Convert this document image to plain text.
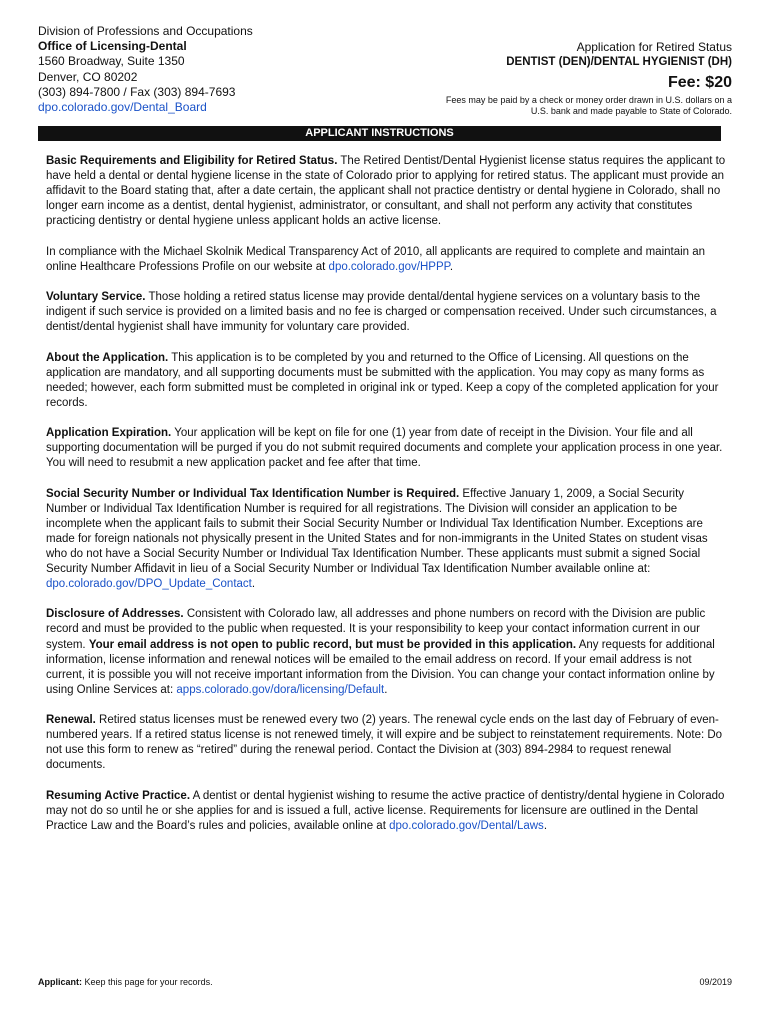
Division of Professions and Occupations
Office of Licensing-Dental
1560 Broadway, Suite 1350
Denver, CO 80202
(303) 894-7800 / Fax (303) 894-7693
dpo.colorado.gov/Dental_Board
Application for Retired Status
DENTIST (DEN)/DENTAL HYGIENIST (DH)
Fee: $20
Fees may be paid by a check or money order drawn in U.S. dollars on a
U.S. bank and made payable to State of Colorado.
APPLICANT INSTRUCTIONS

Basic Requirements and Eligibility for Retired Status. The Retired Dentist/Dental Hygienist license status requires the applicant to have held a dental or dental hygiene license in the state of Colorado prior to applying for retired status. The applicant must provide an affidavit to the Board stating that, after a date certain, the applicant shall not practice dentistry or dental hygiene in Colorado, shall no longer earn income as a dentist, dental hygienist, administrator, or consultant, and shall not perform any activity that constitutes practicing dentistry or dental hygiene unless applicant holds an active license.

In compliance with the Michael Skolnik Medical Transparency Act of 2010, all applicants are required to complete and maintain an online Healthcare Professions Profile on our website at dpo.colorado.gov/HPPP.

Voluntary Service. Those holding a retired status license may provide dental/dental hygiene services on a voluntary basis to the indigent if such service is provided on a limited basis and no fee is charged or compensation received. Under such circumstances, a dentist/dental hygienist shall have immunity for voluntary care provided.

About the Application. This application is to be completed by you and returned to the Office of Licensing. All questions on the application are mandatory, and all supporting documents must be submitted with the application. You may copy as many forms as needed; however, each form submitted must be completed in original ink or typed. Keep a copy of the completed application for your records.

Application Expiration. Your application will be kept on file for one (1) year from date of receipt in the Division. Your file and all supporting documentation will be purged if you do not submit required documents and complete your application process in one year. You will need to resubmit a new application packet and fee after that time.

Social Security Number or Individual Tax Identification Number is Required. Effective January 1, 2009, a Social Security Number or Individual Tax Identification Number is required for all registrations. The Division will consider an application to be incomplete when the applicant fails to submit their Social Security Number or Individual Tax Identification Number. Exceptions are made for foreign nationals not physically present in the United States and for non-immigrants in the United States on student visas who do not have a Social Security Number or Individual Tax Identification Number. These applicants must submit a signed Social Security Number Affidavit in lieu of a Social Security Number or Individual Tax Identification Number available online at: dpo.colorado.gov/DPO_Update_Contact.

Disclosure of Addresses. Consistent with Colorado law, all addresses and phone numbers on record with the Division are public record and must be provided to the public when requested. It is your responsibility to keep your contact information current in our system. Your email address is not open to public record, but must be provided in this application. Any requests for additional information, license information and renewal notices will be emailed to the email address on record. If your email address is not current, it is possible you will not receive important information from the Division. You can change your contact information online by using Online Services at: apps.colorado.gov/dora/licensing/Default.

Renewal. Retired status licenses must be renewed every two (2) years. The renewal cycle ends on the last day of February of even-numbered years. If a retired status license is not renewed timely, it will expire and be subject to reinstatement requirements. Note: Do not use this form to renew as “retired” during the renewal period. Contact the Division at (303) 894-2984 to request renewal documents.

Resuming Active Practice. A dentist or dental hygienist wishing to resume the active practice of dentistry/dental hygiene in Colorado may not do so until he or she applies for and is issued a full, active license. Requirements for licensure are outlined in the Dental Practice Law and the Board’s rules and policies, available online at dpo.colorado.gov/Dental/Laws.

Applicant: Keep this page for your records.	09/2019
